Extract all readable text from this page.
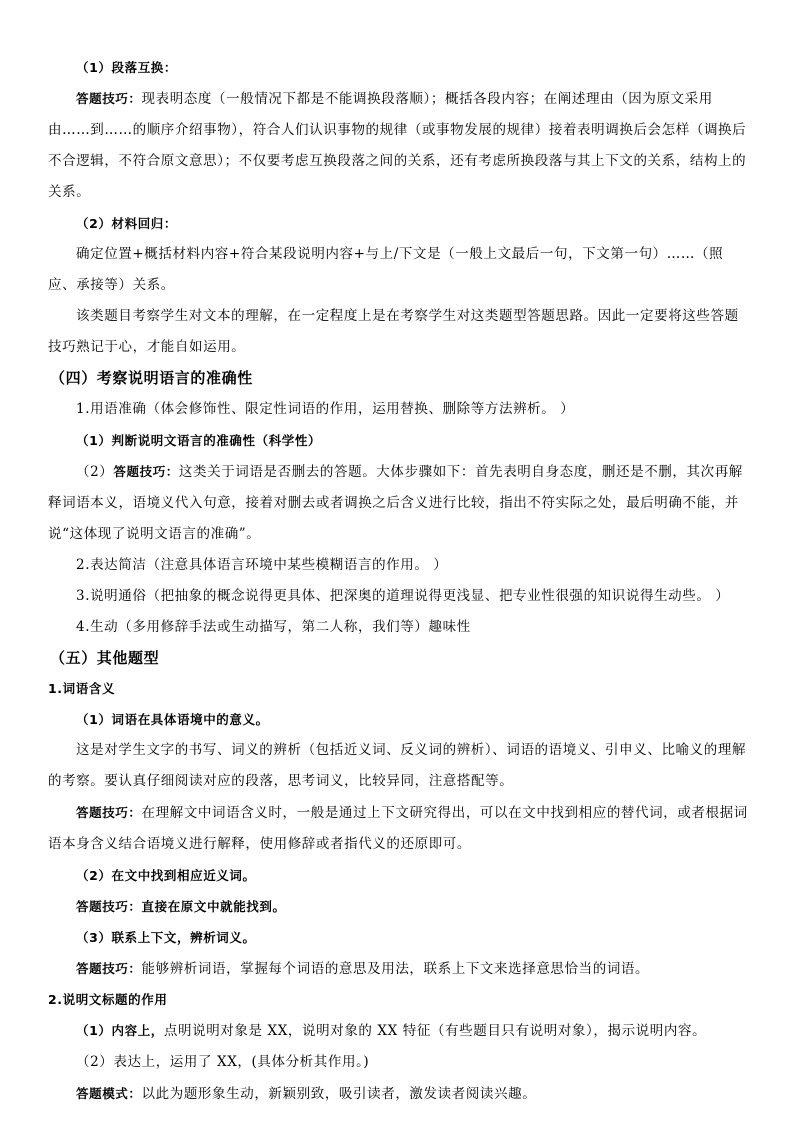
（1）段落互换：

答题技巧：现表明态度（一般情况下都是不能调换段落顺）；概括各段内容；在阐述理由（因为原文采用由……到……的顺序介绍事物），符合人们认识事物的规律（或事物发展的规律）接着表明调换后会怎样（调换后不合逻辑，不符合原文意思）；不仅要考虑互换段落之间的关系，还有考虑所换段落与其上下文的关系，结构上的关系。

（2）材料回归：

确定位置+概括材料内容+符合某段说明内容+与上/下文是（一般上文最后一句，下文第一句）……（照应、承接等）关系。

该类题目考察学生对文本的理解，在一定程度上是在考察学生对这类题型答题思路。因此一定要将这些答题技巧熟记于心，才能自如运用。

（四）考察说明语言的准确性

1.用语准确（体会修饰性、限定性词语的作用，运用替换、删除等方法辨析。 ）

（1）判断说明文语言的准确性（科学性）

（2）答题技巧：这类关于词语是否删去的答题。大体步骤如下：首先表明自身态度，删还是不删，其次再解释词语本义，语境义代入句意，接着对删去或者调换之后含义进行比较，指出不符实际之处，最后明确不能，并说“这体现了说明文语言的准确”。

2.表达简洁（注意具体语言环境中某些模糊语言的作用。 ）

3.说明通俗（把抽象的概念说得更具体、把深奥的道理说得更浅显、把专业性很强的知识说得生动些。 ）

4.生动（多用修辞手法或生动描写，第二人称，我们等）趣味性

（五）其他题型

1.词语含义

（1）词语在具体语境中的意义。

这是对学生文字的书写、词义的辨析（包括近义词、反义词的辨析）、词语的语境义、引申义、比喻义的理解的考察。要认真仔细阅读对应的段落，思考词义，比较异同，注意搭配等。

答题技巧：在理解文中词语含义时，一般是通过上下文研究得出，可以在文中找到相应的替代词，或者根据词语本身含义结合语境义进行解释，使用修辞或者指代义的还原即可。

（2）在文中找到相应近义词。

答题技巧：直接在原文中就能找到。

（3）联系上下文，辨析词义。

答题技巧：能够辨析词语，掌握每个词语的意思及用法，联系上下文来选择意思恰当的词语。

2.说明文标题的作用

（1）内容上，点明说明对象是 XX，说明对象的 XX 特征（有些题目只有说明对象），揭示说明内容。

（2）表达上，运用了 XX，(具体分析其作用。)

答题模式：以此为题形象生动，新颖别致，吸引读者，激发读者阅读兴趣。
